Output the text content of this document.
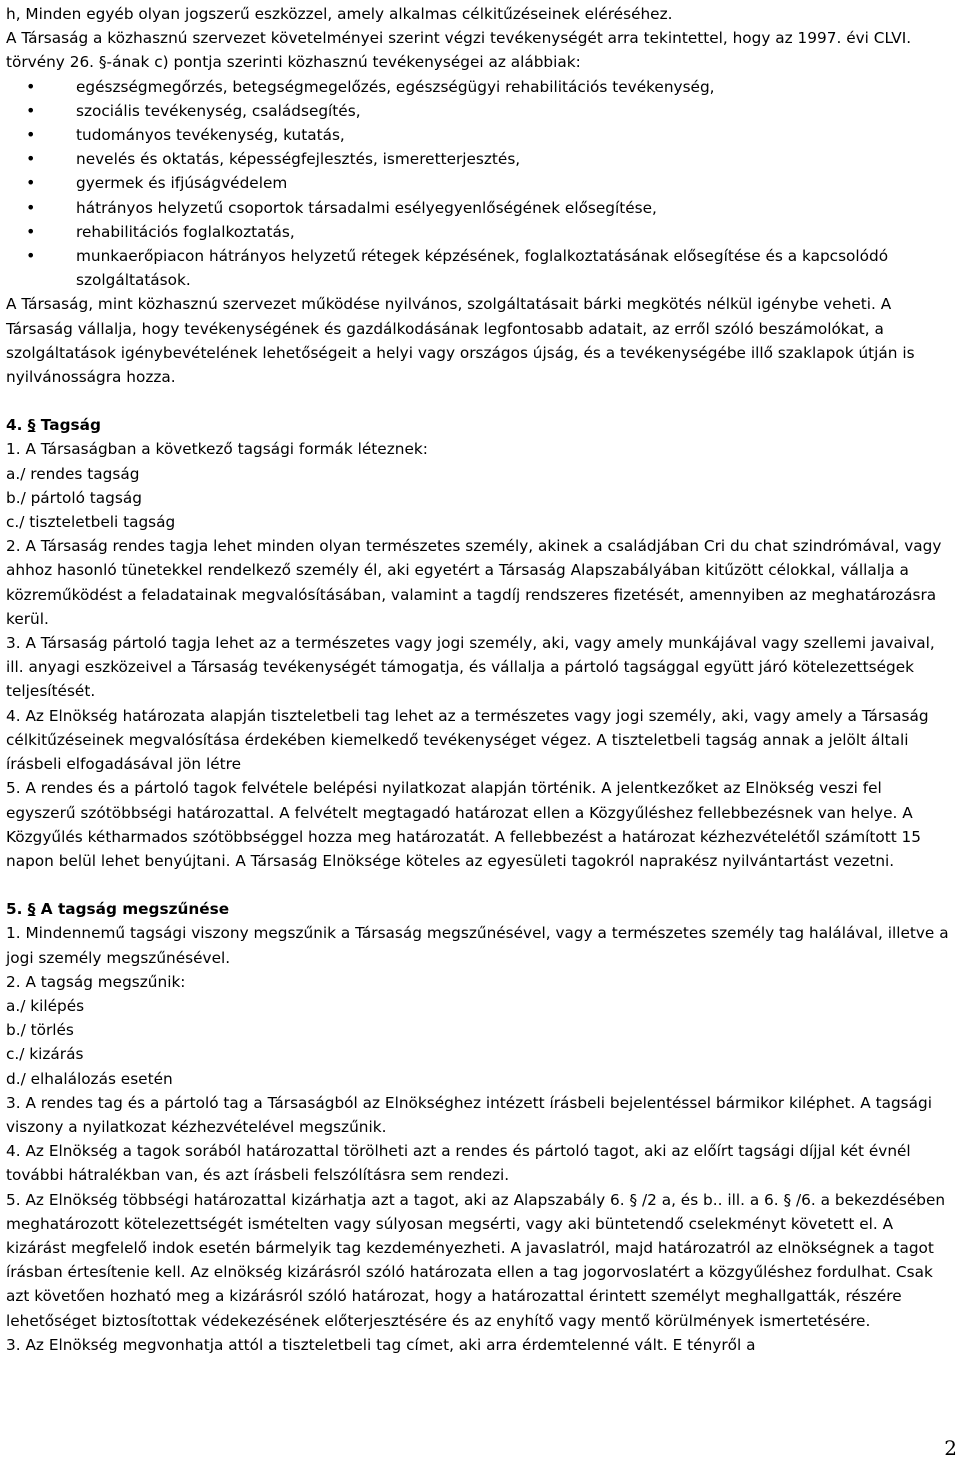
h, Minden egyéb olyan jogszerű eszközzel, amely alkalmas célkitűzéseinek eléréséhez.

A Társaság a közhasznú szervezet követelményei szerint végzi tevékenységét arra tekintettel, hogy az 1997. évi CLVI. törvény 26. §-ának c) pontja szerinti közhasznú tevékenységei az alábbiak:

• egészségmegőrzés, betegségmegelőzés, egészségügyi rehabilitációs tevékenység,
• szociális tevékenység, családsegítés,
• tudományos tevékenység, kutatás,
• nevelés és oktatás, képességfejlesztés, ismeretterjesztés,
• gyermek és ifjúságvédelem
• hátrányos helyzetű csoportok társadalmi esélyegyenlőségének elősegítése,
• rehabilitációs foglalkoztatás,
• munkaerőpiacon hátrányos helyzetű rétegek képzésének, foglalkoztatásának elősegítése és a kapcsolódó szolgáltatások.

A Társaság, mint közhasznú szervezet működése nyilvános, szolgáltatásait bárki megkötés nélkül igénybe veheti. A Társaság vállalja, hogy tevékenységének és gazdálkodásának legfontosabb adatait, az erről szóló beszámolókat, a szolgáltatások igénybevételének lehetőségeit a helyi vagy országos újság, és a tevékenységébe illő szaklapok útján is nyilvánosságra hozza.

4. § Tagság

1. A Társaságban a következő tagsági formák léteznek:

a./ rendes tagság

b./ pártoló tagság

c./ tiszteletbeli tagság

2. A Társaság rendes tagja lehet minden olyan természetes személy, akinek a családjában Cri du chat szindrómával, vagy ahhoz hasonló tünetekkel rendelkező személy él, aki egyetért a Társaság Alapszabályában kitűzött célokkal, vállalja a közreműködést a feladatainak megvalósításában, valamint a tagdíj rendszeres fizetését, amennyiben az meghatározásra kerül.

3. A Társaság pártoló tagja lehet az a természetes vagy jogi személy, aki, vagy amely munkájával vagy szellemi javaival, ill. anyagi eszközeivel a Társaság tevékenységét támogatja, és vállalja a pártoló tagsággal együtt járó kötelezettségek teljesítését.

4. Az Elnökség határozata alapján tiszteletbeli tag lehet az a természetes vagy jogi személy, aki, vagy amely a Társaság célkitűzéseinek megvalósítása érdekében kiemelkedő tevékenységet végez. A tiszteletbeli tagság annak a jelölt általi írásbeli elfogadásával jön létre

5. A rendes és a pártoló tagok felvétele belépési nyilatkozat alapján történik. A jelentkezőket az Elnökség veszi fel egyszerű szótöbbségi határozattal. A felvételt megtagadó határozat ellen a Közgyűléshez fellebbezésnek van helye. A Közgyűlés kétharmados szótöbbséggel hozza meg határozatát. A fellebbezést a határozat kézhezvételétől számított 15 napon belül lehet benyújtani. A Társaság Elnöksége köteles az egyesületi tagokról naprakész nyilvántartást vezetni.

5. § A tagság megszűnése

1. Mindennemű tagsági viszony megszűnik a Társaság megszűnésével, vagy a természetes személy tag halálával, illetve a jogi személy megszűnésével.

2. A tagság megszűnik:

a./ kilépés

b./ törlés

c./ kizárás

d./ elhalálozás esetén

3. A rendes tag és a pártoló tag a Társaságból az Elnökséghez intézett írásbeli bejelentéssel bármikor kiléphet. A tagsági viszony a nyilatkozat kézhezvételével megszűnik.

4. Az Elnökség a tagok sorából határozattal törölheti azt a rendes és pártoló tagot, aki az előírt tagsági díjjal két évnél további hátralékban van, és azt írásbeli felszólításra sem rendezi.

5. Az Elnökség többségi határozattal kizárhatja azt a tagot, aki az Alapszabály 6. § /2 a, és b.. ill. a 6. § /6. a bekezdésében meghatározott kötelezettségét ismételten vagy súlyosan megsérti, vagy aki büntetendő cselekményt követett el. A kizárást megfelelő indok esetén bármelyik tag kezdeményezheti. A javaslatról, majd határozatról az elnökségnek a tagot írásban értesítenie kell. Az elnökség kizárásról szóló határozata ellen a tag jogorvoslatért a közgyűléshez fordulhat. Csak azt követően hozható meg a kizárásról szóló határozat, hogy a határozattal érintett személyt meghallgatták, részére lehetőséget biztosítottak védekezésének előterjesztésére és az enyhítő vagy mentő körülmények ismertetésére.

3. Az Elnökség megvonhatja attól a tiszteletbeli tag címet, aki arra érdemtelenné vált. E tényről a

2
